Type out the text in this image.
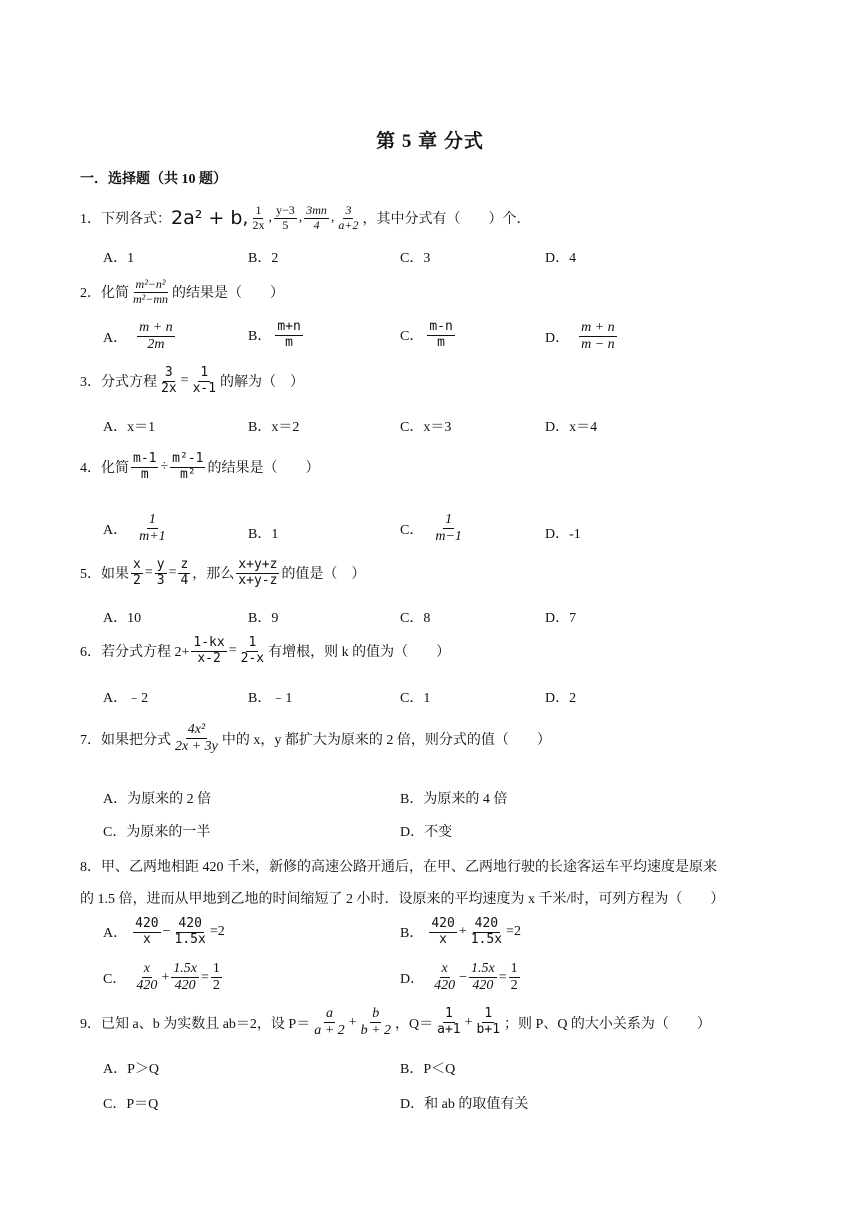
第 5 章 分式
一．选择题（共 10 题）
1．下列各式： 2a² + b, $\frac{1}{2x}$ , $\frac{y-3}{5}$ , $\frac{3mn}{4}$ , $\frac{3}{a+2}$ ，其中分式有（　　）个．
A．1	B．2	C．3	D．4
2．化简 $\frac{\text{m²−n²}}{\text{m²−mn}}$ 的结果是（　　）
A． $\frac{m + n}{2m}$	B． $\frac{m+n}{m}$	C． $\frac{m-n}{m}$	D． $\frac{m + n}{m - n}$
3．分式方程 $\frac{3}{2x} = \frac{1}{x-1}$ 的解为（　）
A．x＝1	B．x＝2	C．x＝3	D．x＝4
4．化简 $\frac{m-1}{m} \div \frac{\text{m²-1}}{\text{m²}}$ 的结果是（　　）
A． $\frac{1}{m+1}$	B．1	C． $\frac{1}{m-1}$	D．-1
5．如果 $\frac{x}{2} = \frac{y}{3} = \frac{z}{4}$ ，那么 $\frac{x+y+z}{x+y-z}$ 的值是（　）
A．10	B．9	C．8	D．7
6．若分式方程 $2+ \frac{1-kx}{x-2} = \frac{1}{2-x}$ 有增根，则 k 的值为（　　）
A．﹣2	B．﹣1	C．1	D．2
7．如果把分式 $\frac{\text{4x²}}{2x + 3y}$ 中的 x，y 都扩大为原来的 2 倍，则分式的值（　　）
A．为原来的 2 倍	B．为原来的 4 倍
C．为原来的一半	D．不变
8．甲、乙两地相距 420 千米，新修的高速公路开通后，在甲、乙两地行驶的长途客运车平均速度是原来
的 1.5 倍，进而从甲地到乙地的时间缩短了 2 小时．设原来的平均速度为 x 千米/时，可列方程为（　　）
A． $\frac{420}{x} - \frac{420}{1.5x} =2$	B． $\frac{420}{x} + \frac{420}{1.5x} =2$
C． $\frac{x}{420} + \frac{1.5x}{420} = \frac{1}{2}$	D． $\frac{x}{420} - \frac{1.5x}{420} = \frac{1}{2}$
9．已知 a、b 为实数且 ab＝2，设 $P= \frac{a}{a + 2} + \frac{b}{b + 2}$ ，$Q= \frac{1}{a+1} + \frac{1}{b+1}$ ；则 P、Q 的大小关系为（　　）
A．P＞Q	B．P＜Q
C．P＝Q	D．和 ab 的取值有关
